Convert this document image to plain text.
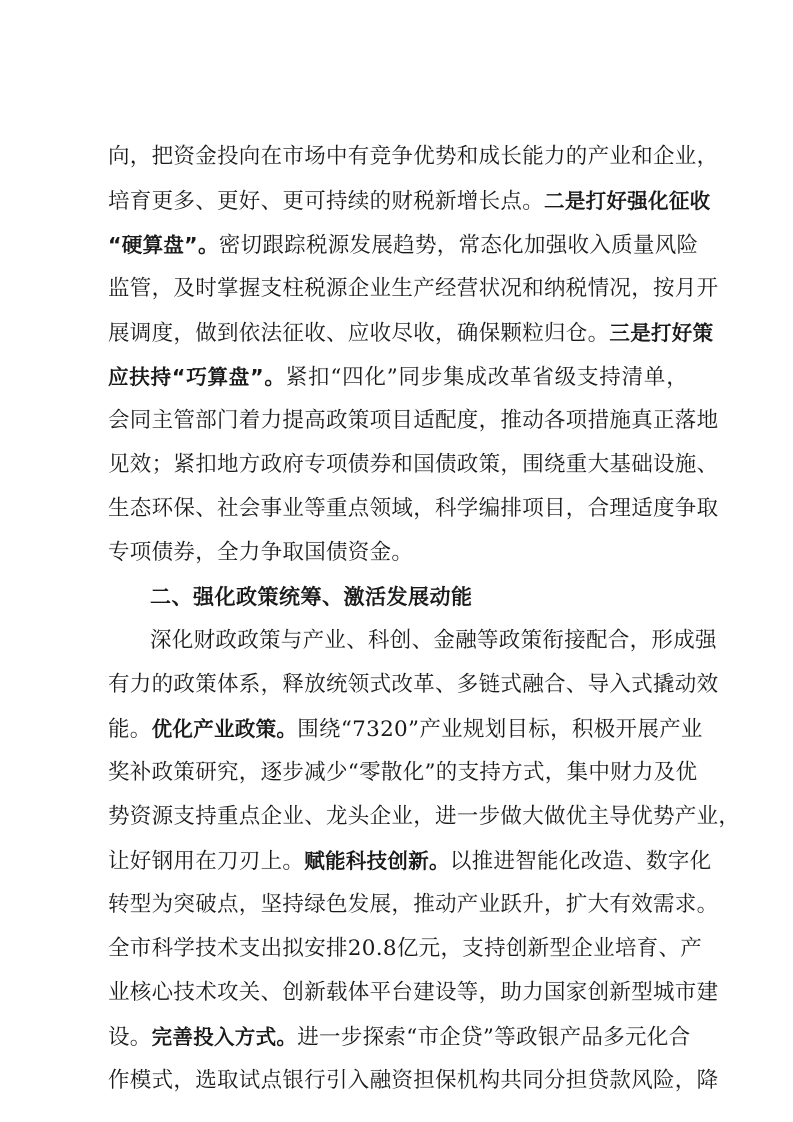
向，把资金投向在市场中有竞争优势和成长能力的产业和企业，
培育更多、更好、更可持续的财税新增长点。二是打好强化征收
“硬算盘”。密切跟踪税源发展趋势，常态化加强收入质量风险
监管，及时掌握支柱税源企业生产经营状况和纳税情况，按月开
展调度，做到依法征收、应收尽收，确保颗粒归仓。三是打好策
应扶持“巧算盘”。紧扣“四化”同步集成改革省级支持清单，
会同主管部门着力提高政策项目适配度，推动各项措施真正落地
见效；紧扣地方政府专项债券和国债政策，围绕重大基础设施、
生态环保、社会事业等重点领域，科学编排项目，合理适度争取
专项债券，全力争取国债资金。
二、强化政策统筹、激活发展动能
深化财政政策与产业、科创、金融等政策衔接配合，形成强
有力的政策体系，释放统领式改革、多链式融合、导入式撬动效
能。优化产业政策。围绕“7320”产业规划目标，积极开展产业
奖补政策研究，逐步减少“零散化”的支持方式，集中财力及优
势资源支持重点企业、龙头企业，进一步做大做优主导优势产业，
让好钢用在刀刃上。赋能科技创新。以推进智能化改造、数字化
转型为突破点，坚持绿色发展，推动产业跃升，扩大有效需求。
全市科学技术支出拟安排20.8亿元，支持创新型企业培育、产
业核心技术攻关、创新载体平台建设等，助力国家创新型城市建
设。完善投入方式。进一步探索“市企贷”等政银产品多元化合
作模式，选取试点银行引入融资担保机构共同分担贷款风险，降
